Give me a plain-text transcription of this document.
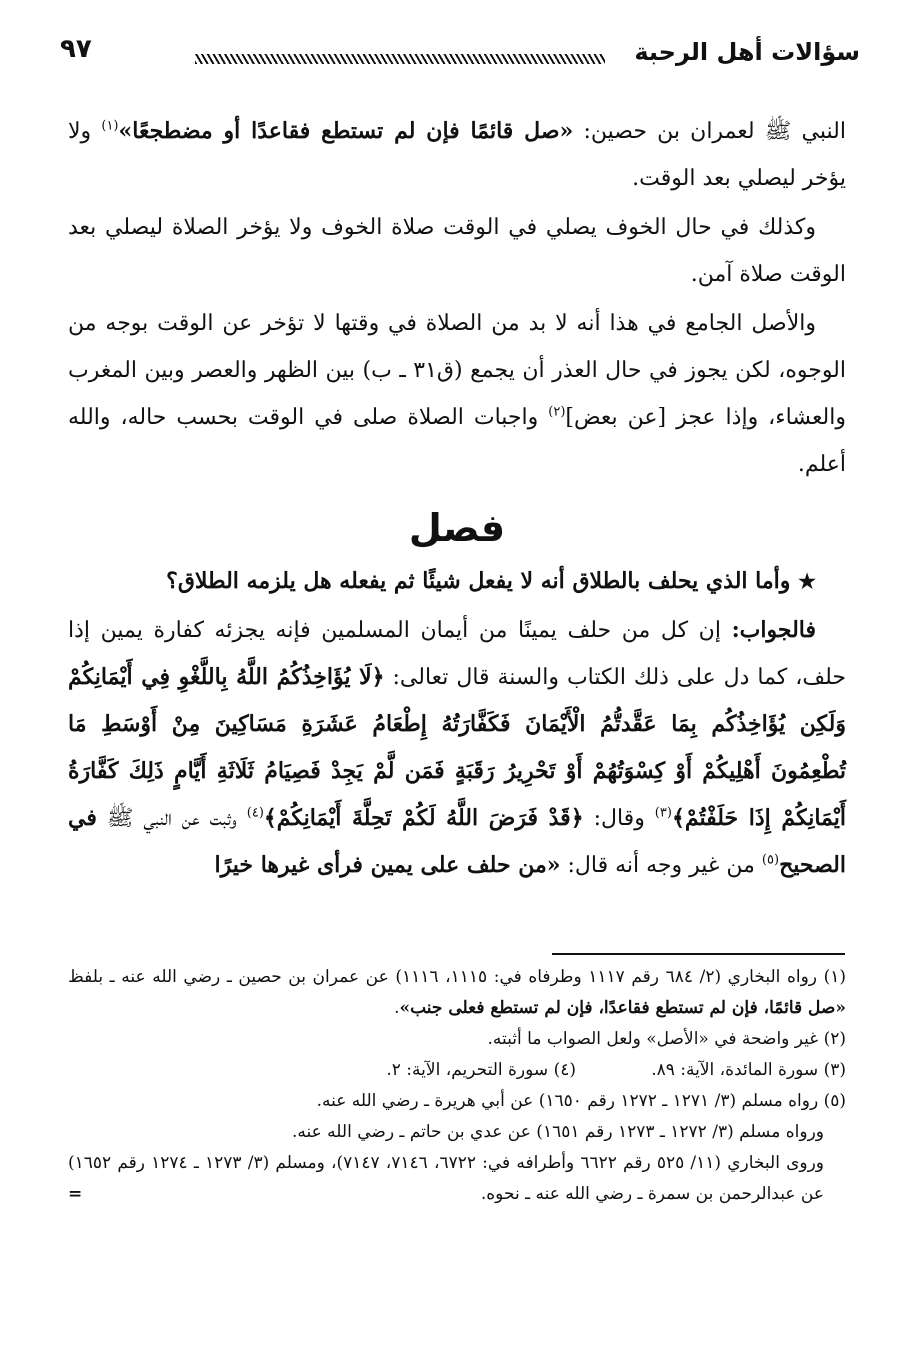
سؤالات أهل الرحبة
٩٧

النبي ﷺ لعمران بن حصين: «صل قائمًا فإن لم تستطع فقاعدًا أو مضطجعًا»$^{(١)}$ ولا يؤخر ليصلي بعد الوقت.

وكذلك في حال الخوف يصلي في الوقت صلاة الخوف ولا يؤخر الصلاة ليصلي بعد الوقت صلاة آمن.

والأصل الجامع في هذا أنه لا بد من الصلاة في وقتها لا تؤخر عن الوقت بوجه من الوجوه، لكن يجوز في حال العذر أن يجمع (ق٣١ ـ ب) بين الظهر والعصر وبين المغرب والعشاء، وإذا عجز [عن بعض]$^{(٢)}$ واجبات الصلاة صلى في الوقت بحسب حاله، والله أعلم.

فصل

★ وأما الذي يحلف بالطلاق أنه لا يفعل شيئًا ثم يفعله هل يلزمه الطلاق؟

فالجواب: إن كل من حلف يمينًا من أيمان المسلمين فإنه يجزئه كفارة يمين إذا حلف، كما دل على ذلك الكتاب والسنة قال تعالى: ﴿لَا يُؤَاخِذُكُمُ اللَّهُ بِاللَّغْوِ فِي أَيْمَانِكُمْ وَلَكِن يُؤَاخِذُكُم بِمَا عَقَّدتُّمُ الْأَيْمَانَ فَكَفَّارَتُهُ إِطْعَامُ عَشَرَةِ مَسَاكِينَ مِنْ أَوْسَطِ مَا تُطْعِمُونَ أَهْلِيكُمْ أَوْ كِسْوَتُهُمْ أَوْ تَحْرِيرُ رَقَبَةٍ فَمَن لَّمْ يَجِدْ فَصِيَامُ ثَلَاثَةِ أَيَّامٍ ذَلِكَ كَفَّارَةُ أَيْمَانِكُمْ إِذَا حَلَفْتُمْ﴾$^{(٣)}$ وقال: ﴿قَدْ فَرَضَ اللَّهُ لَكُمْ تَحِلَّةَ أَيْمَانِكُمْ﴾$^{(٤)}$ وثبت عن النبي ﷺ في الصحيح$^{(٥)}$ من غير وجه أنه قال: «من حلف على يمين فرأى غيرها خيرًا

(١) رواه البخاري (٢/ ٦٨٤ رقم ١١١٧ وطرفاه في: ١١١٥، ١١١٦) عن عمران بن حصين ـ رضي الله عنه ـ بلفظ «صل قائمًا، فإن لم تستطع فقاعدًا، فإن لم تستطع فعلى جنب».

(٢) غير واضحة في «الأصل» ولعل الصواب ما أثبته.

(٣) سورة المائدة، الآية: ٨٩.
(٤) سورة التحريم، الآية: ٢.

(٥) رواه مسلم (٣/ ١٢٧١ ـ ١٢٧٢ رقم ١٦٥٠) عن أبي هريرة ـ رضي الله عنه.

ورواه مسلم (٣/ ١٢٧٢ ـ ١٢٧٣ رقم ١٦٥١) عن عدي بن حاتم ـ رضي الله عنه.

وروى البخاري (١١/ ٥٢٥ رقم ٦٦٢٢ وأطرافه في: ٦٧٢٢، ٧١٤٦، ٧١٤٧)، ومسلم (٣/ ١٢٧٣ ـ ١٢٧٤ رقم ١٦٥٢) عن عبدالرحمن بن سمرة ـ رضي الله عنه ـ نحوه.
=
